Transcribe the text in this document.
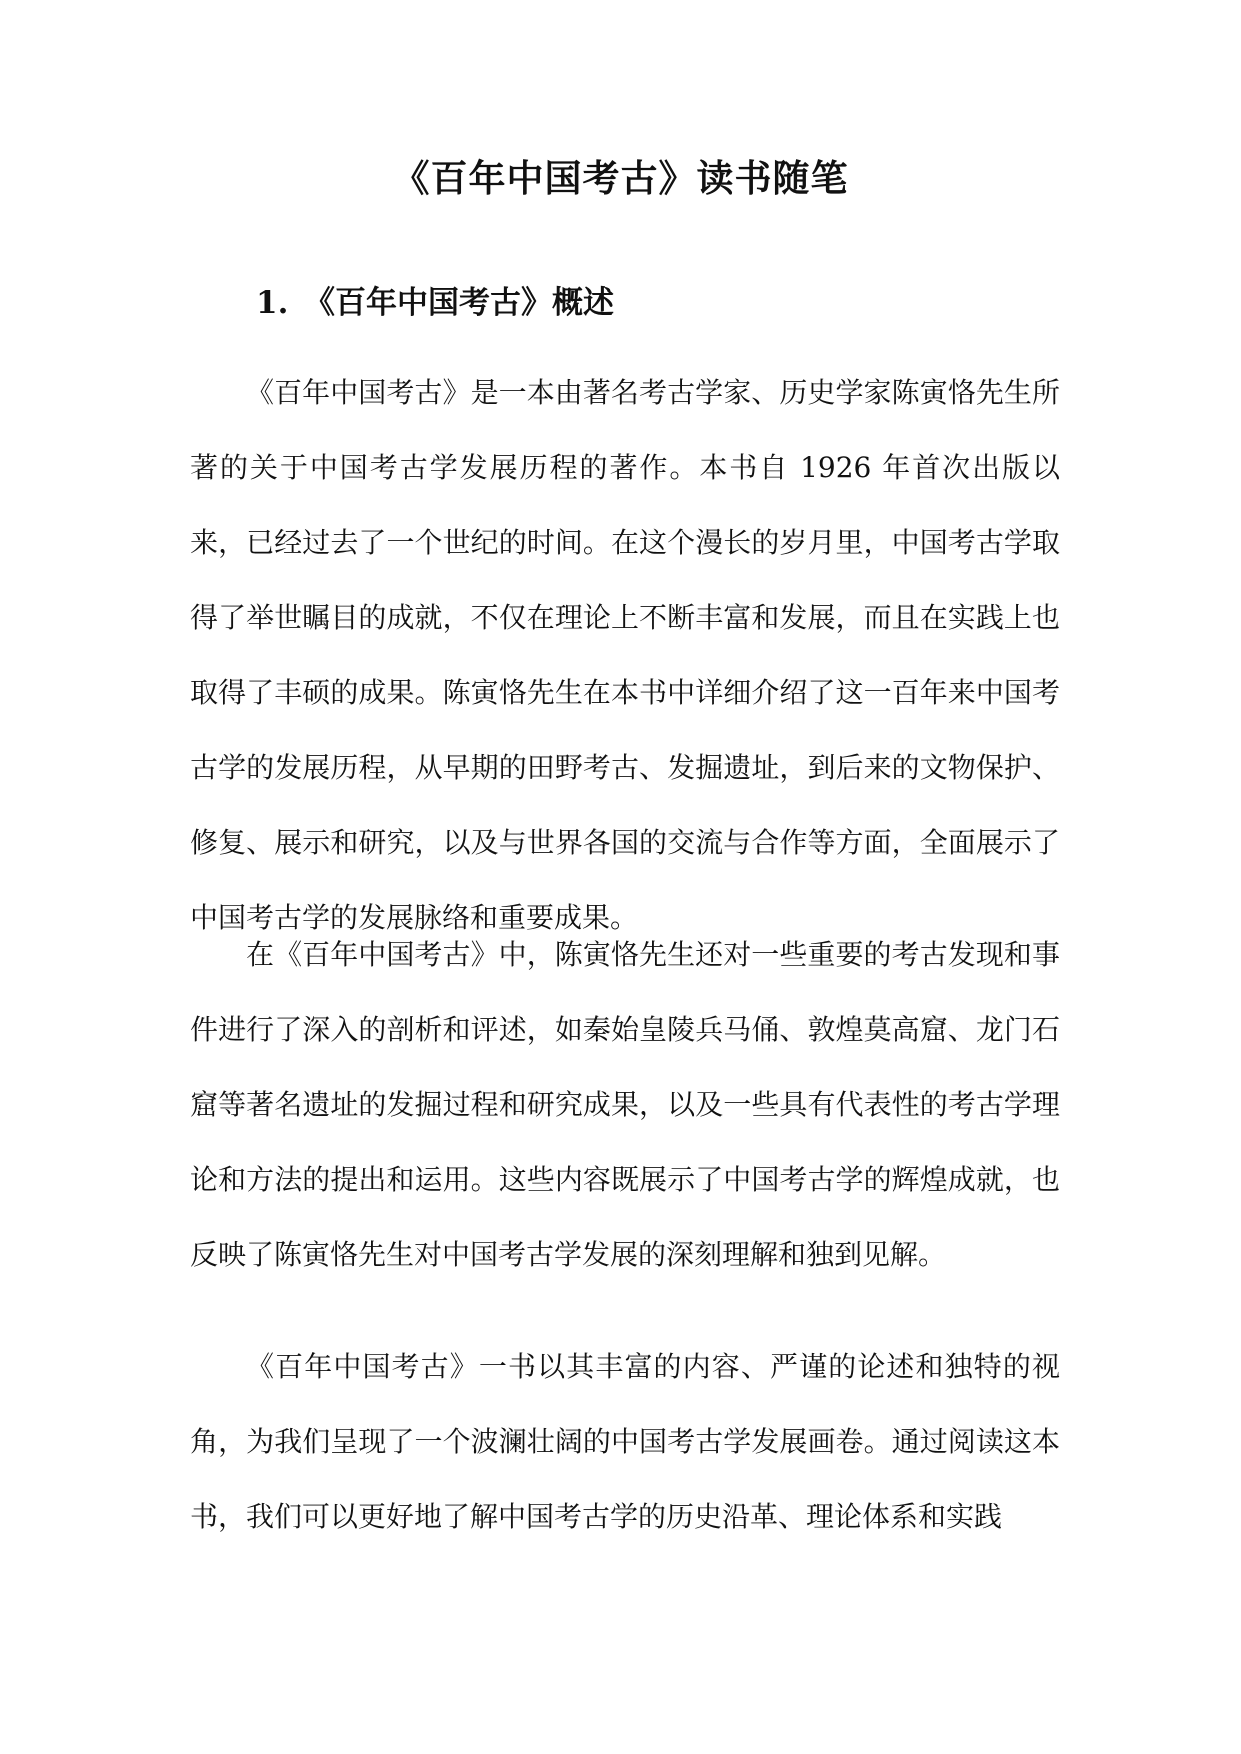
《百年中国考古》读书随笔
1. 《百年中国考古》概述

《百年中国考古》是一本由著名考古学家、历史学家陈寅恪先生所著的关于中国考古学发展历程的著作。本书自 1926 年首次出版以来，已经过去了一个世纪的时间。在这个漫长的岁月里，中国考古学取得了举世瞩目的成就，不仅在理论上不断丰富和发展，而且在实践上也取得了丰硕的成果。陈寅恪先生在本书中详细介绍了这一百年来中国考古学的发展历程，从早期的田野考古、发掘遗址，到后来的文物保护、修复、展示和研究，以及与世界各国的交流与合作等方面，全面展示了中国考古学的发展脉络和重要成果。

在《百年中国考古》中，陈寅恪先生还对一些重要的考古发现和事件进行了深入的剖析和评述，如秦始皇陵兵马俑、敦煌莫高窟、龙门石窟等著名遗址的发掘过程和研究成果，以及一些具有代表性的考古学理论和方法的提出和运用。这些内容既展示了中国考古学的辉煌成就，也反映了陈寅恪先生对中国考古学发展的深刻理解和独到见解。

《百年中国考古》一书以其丰富的内容、严谨的论述和独特的视角，为我们呈现了一个波澜壮阔的中国考古学发展画卷。通过阅读这本书，我们可以更好地了解中国考古学的历史沿革、理论体系和实践
